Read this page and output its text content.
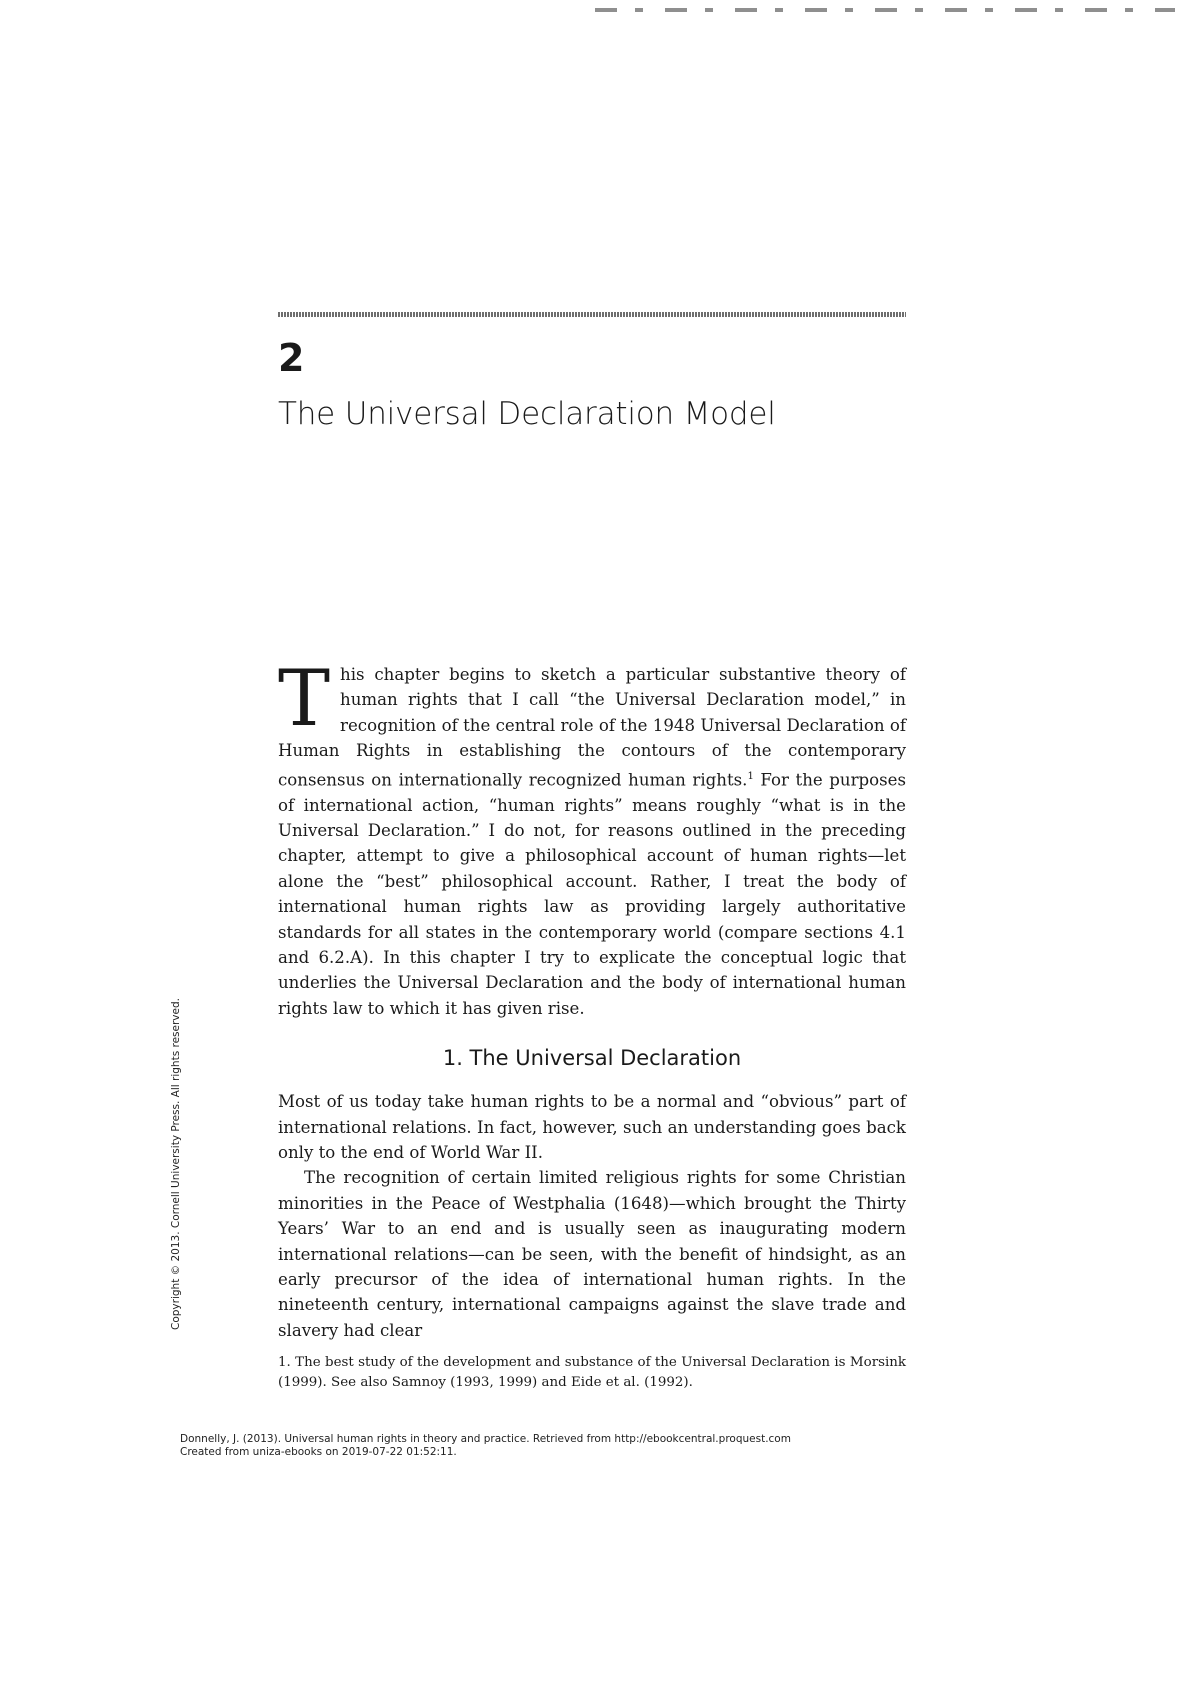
2
The Universal Declaration Model

This chapter begins to sketch a particular substantive theory of human rights that I call “the Universal Declaration model,” in recognition of the central role of the 1948 Universal Declaration of Human Rights in establishing the contours of the contemporary consensus on internationally recognized human rights.$^1$ For the purposes of international action, “human rights” means roughly “what is in the Universal Declaration.” I do not, for reasons outlined in the preceding chapter, attempt to give a philosophical account of human rights—let alone the “best” philosophical account. Rather, I treat the body of international human rights law as providing largely authoritative standards for all states in the contemporary world (compare sections 4.1 and 6.2.A). In this chapter I try to explicate the conceptual logic that underlies the Universal Declaration and the body of international human rights law to which it has given rise.

1. The Universal Declaration

Most of us today take human rights to be a normal and “obvious” part of international relations. In fact, however, such an understanding goes back only to the end of World War II.

The recognition of certain limited religious rights for some Christian minorities in the Peace of Westphalia (1648)—which brought the Thirty Years’ War to an end and is usually seen as inaugurating modern international relations—can be seen, with the benefit of hindsight, as an early precursor of the idea of international human rights. In the nineteenth century, international campaigns against the slave trade and slavery had clear

1. The best study of the development and substance of the Universal Declaration is Morsink (1999). See also Samnoy (1993, 1999) and Eide et al. (1992).

Donnelly, J. (2013). Universal human rights in theory and practice. Retrieved from http://ebookcentral.proquest.com
Created from uniza-ebooks on 2019-07-22 01:52:11.
Copyright © 2013. Cornell University Press. All rights reserved.
